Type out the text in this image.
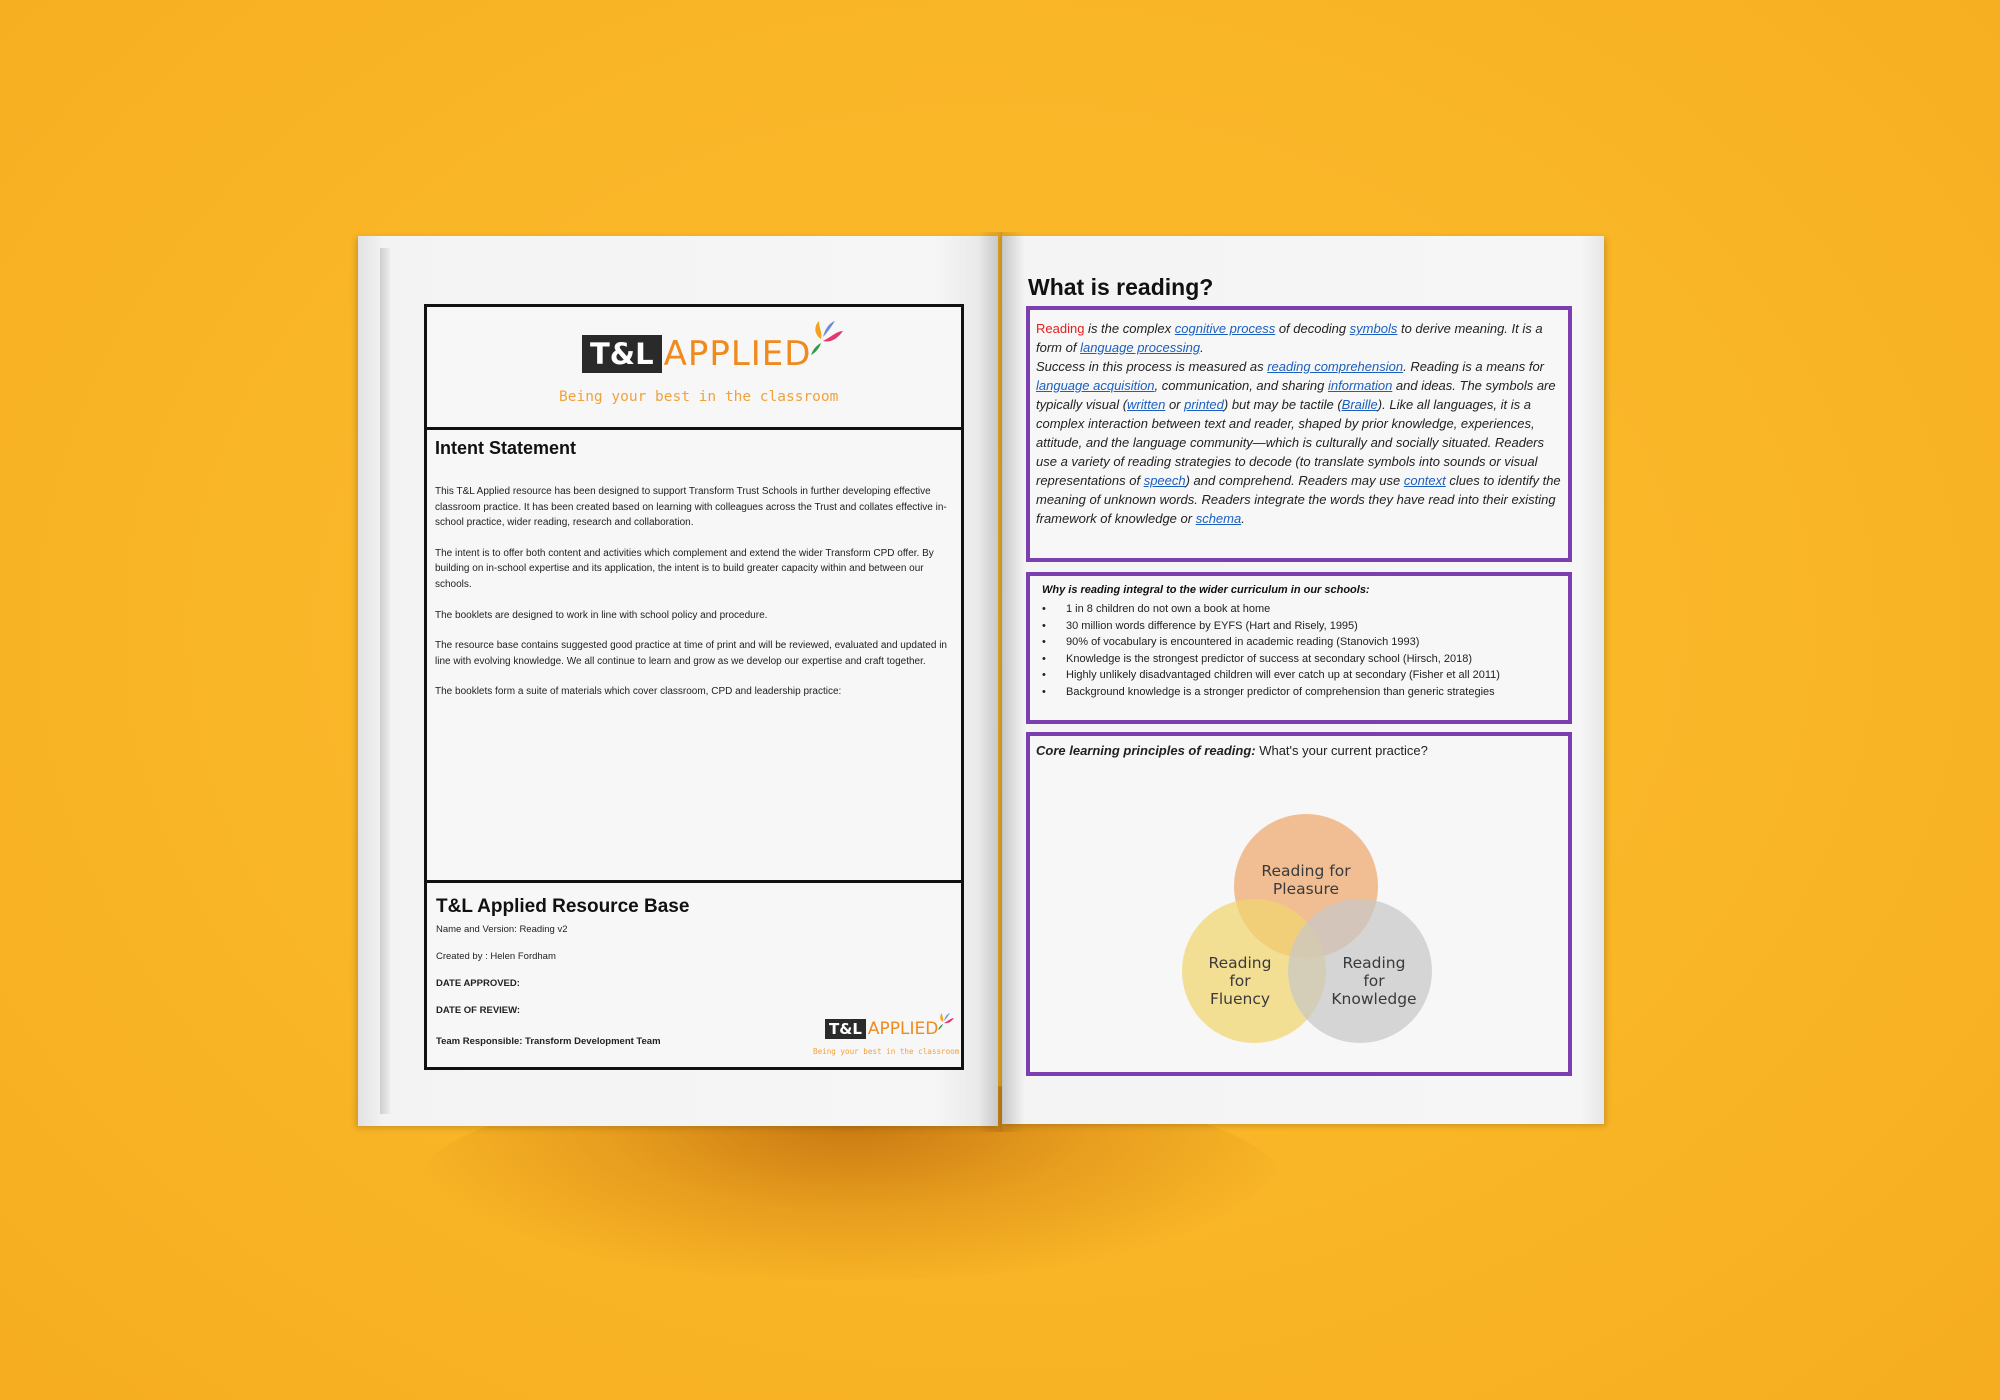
T&L APPLIED
Being your best in the classroom
Intent Statement

This T&L Applied resource has been designed to support Transform Trust Schools in further developing effective classroom practice. It has been created based on learning with colleagues across the Trust and collates effective in-school practice, wider reading, research and collaboration.

The intent is to offer both content and activities which complement and extend the wider Transform CPD offer. By building on in-school expertise and its application, the intent is to build greater capacity within and between our schools.

The booklets are designed to work in line with school policy and procedure.

The resource base contains suggested good practice at time of print and will be reviewed, evaluated and updated in line with evolving knowledge. We all continue to learn and grow as we develop our expertise and craft together.

The booklets form a suite of materials which cover classroom, CPD and leadership practice:

T&L Applied Resource Base
Name and Version: Reading v2
Created by : Helen Fordham
DATE APPROVED:
DATE OF REVIEW:
Team Responsible: Transform Development Team
T&L APPLIED
Being your best in the classroom
What is reading?
Reading is the complex cognitive process of decoding symbols to derive meaning. It is a form of language processing.
Success in this process is measured as reading comprehension. Reading is a means for language acquisition, communication, and sharing information and ideas. The symbols are typically visual (written or printed) but may be tactile (Braille). Like all languages, it is a complex interaction between text and reader, shaped by prior knowledge, experiences, attitude, and the language community—which is culturally and socially situated. Readers use a variety of reading strategies to decode (to translate symbols into sounds or visual representations of speech) and comprehend. Readers may use context clues to identify the meaning of unknown words. Readers integrate the words they have read into their existing framework of knowledge or schema.
Why is reading integral to the wider curriculum in our schools:
• 1 in 8 children do not own a book at home
• 30 million words difference by EYFS (Hart and Risely, 1995)
• 90% of vocabulary is encountered in academic reading (Stanovich 1993)
• Knowledge is the strongest predictor of success at secondary school (Hirsch, 2018)
• Highly unlikely disadvantaged children will ever catch up at secondary (Fisher et all 2011)
• Background knowledge is a stronger predictor of comprehension than generic strategies
Core learning principles of reading: What's your current practice?
Reading for Pleasure
Reading for Fluency
Reading for Knowledge
